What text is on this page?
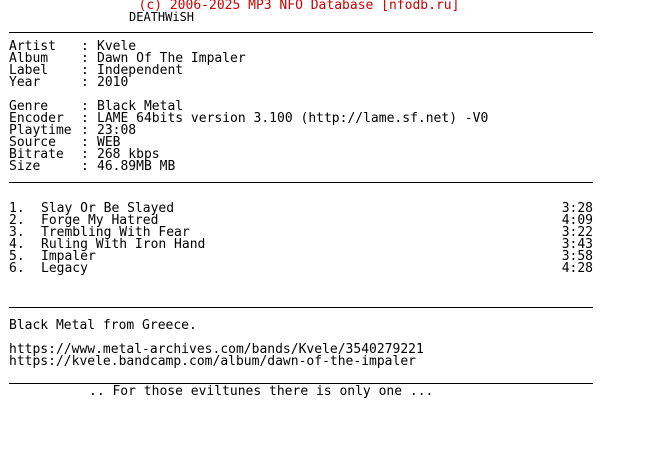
(c) 2006-2025 MP3 NFO Database [nfodb.ru]
Artist	: Kvele
Album	: Dawn Of The Impaler
Label	: Independent
Year	: 2010
Genre	: Black Metal
Encoder	: LAME 64bits version 3.100 (http://lame.sf.net) -V0
Playtime : 23:08
Source	: WEB
Bitrate	: 268 kbps
Size	: 46.89MB MB
1.	Slay Or Be Slayed	3:28
2.	Forge My Hatred	4:09
3.	Trembling With Fear	3:22
4.	Ruling With Iron Hand	3:43
5.	Impaler	3:58
6.	Legacy	4:28
Black Metal from Greece.
https://www.metal-archives.com/bands/Kvele/3540279221
https://kvele.bandcamp.com/album/dawn-of-the-impaler
.. For those eviltunes there is only one ...
DEATHWiSH
